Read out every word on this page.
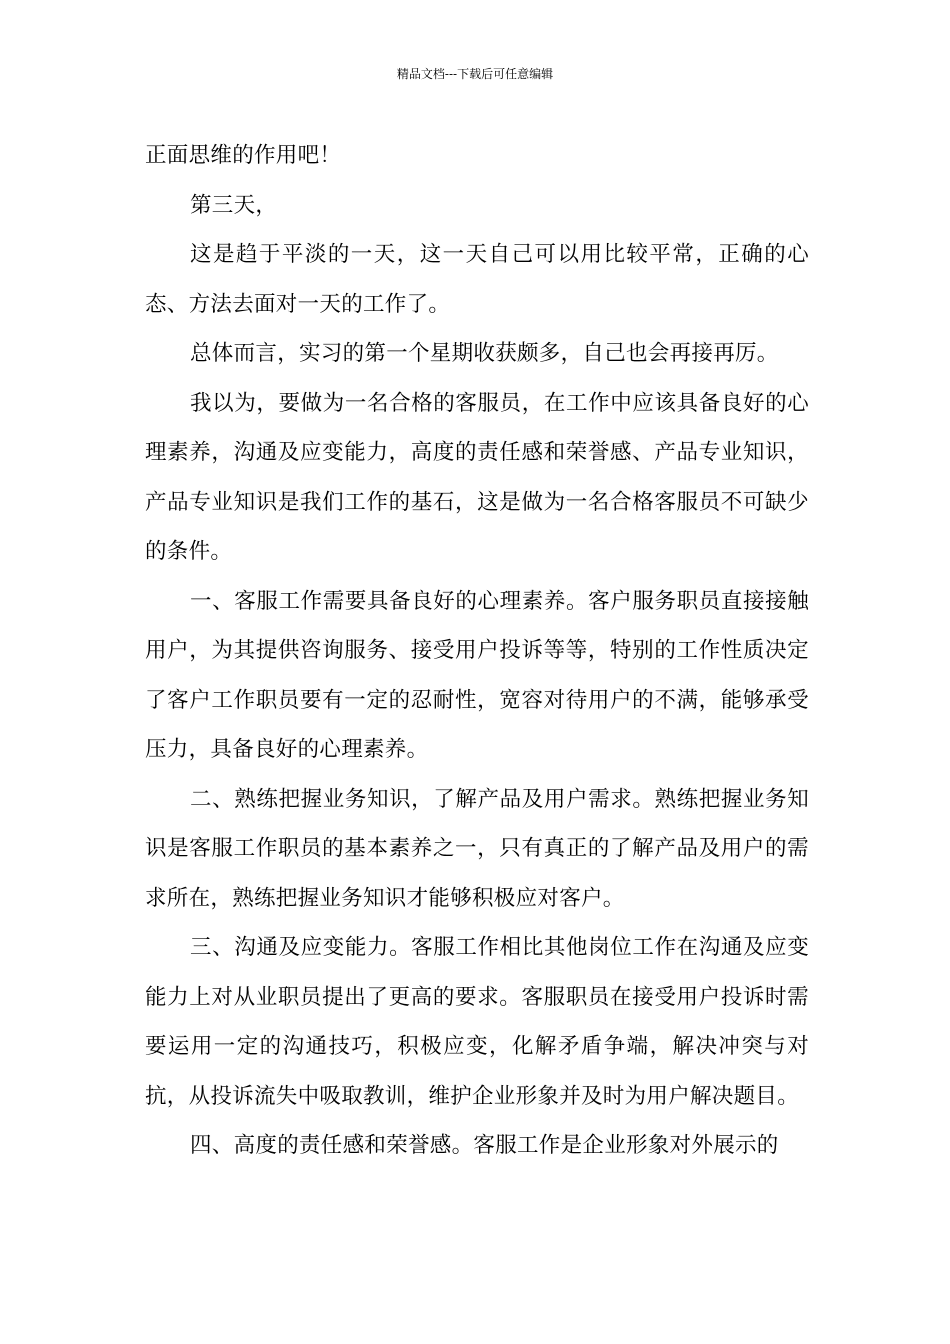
精品文档---下载后可任意编辑

正面思维的作用吧！

第三天，

这是趋于平淡的一天，这一天自己可以用比较平常，正确的心态、方法去面对一天的工作了。

总体而言，实习的第一个星期收获颇多，自己也会再接再厉。

我以为，要做为一名合格的客服员，在工作中应该具备良好的心理素养，沟通及应变能力，高度的责任感和荣誉感、产品专业知识，产品专业知识是我们工作的基石，这是做为一名合格客服员不可缺少的条件。

一、客服工作需要具备良好的心理素养。客户服务职员直接接触用户，为其提供咨询服务、接受用户投诉等等，特别的工作性质决定了客户工作职员要有一定的忍耐性，宽容对待用户的不满，能够承受压力，具备良好的心理素养。

二、熟练把握业务知识，了解产品及用户需求。熟练把握业务知识是客服工作职员的基本素养之一，只有真正的了解产品及用户的需求所在，熟练把握业务知识才能够积极应对客户。

三、沟通及应变能力。客服工作相比其他岗位工作在沟通及应变能力上对从业职员提出了更高的要求。客服职员在接受用户投诉时需要运用一定的沟通技巧，积极应变，化解矛盾争端，解决冲突与对抗，从投诉流失中吸取教训，维护企业形象并及时为用户解决题目。

四、高度的责任感和荣誉感。客服工作是企业形象对外展示的
